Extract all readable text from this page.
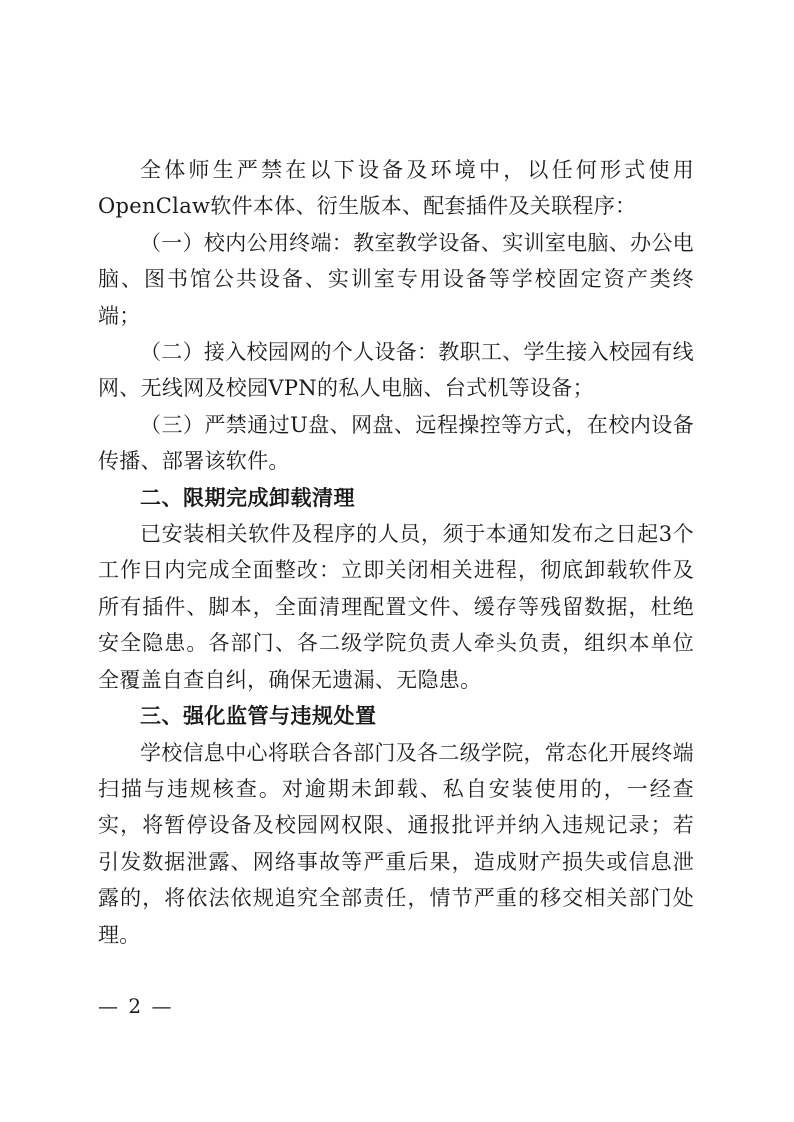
全体师生严禁在以下设备及环境中，以任何形式使用OpenClaw软件本体、衍生版本、配套插件及关联程序：

（一）校内公用终端：教室教学设备、实训室电脑、办公电脑、图书馆公共设备、实训室专用设备等学校固定资产类终端；

（二）接入校园网的个人设备：教职工、学生接入校园有线网、无线网及校园VPN的私人电脑、台式机等设备；

（三）严禁通过U盘、网盘、远程操控等方式，在校内设备传播、部署该软件。

二、限期完成卸载清理

已安装相关软件及程序的人员，须于本通知发布之日起3个工作日内完成全面整改：立即关闭相关进程，彻底卸载软件及所有插件、脚本，全面清理配置文件、缓存等残留数据，杜绝安全隐患。各部门、各二级学院负责人牵头负责，组织本单位全覆盖自查自纠，确保无遗漏、无隐患。

三、强化监管与违规处置

学校信息中心将联合各部门及各二级学院，常态化开展终端扫描与违规核查。对逾期未卸载、私自安装使用的，一经查实，将暂停设备及校园网权限、通报批评并纳入违规记录；若引发数据泄露、网络事故等严重后果，造成财产损失或信息泄露的，将依法依规追究全部责任，情节严重的移交相关部门处理。

— 2 —
